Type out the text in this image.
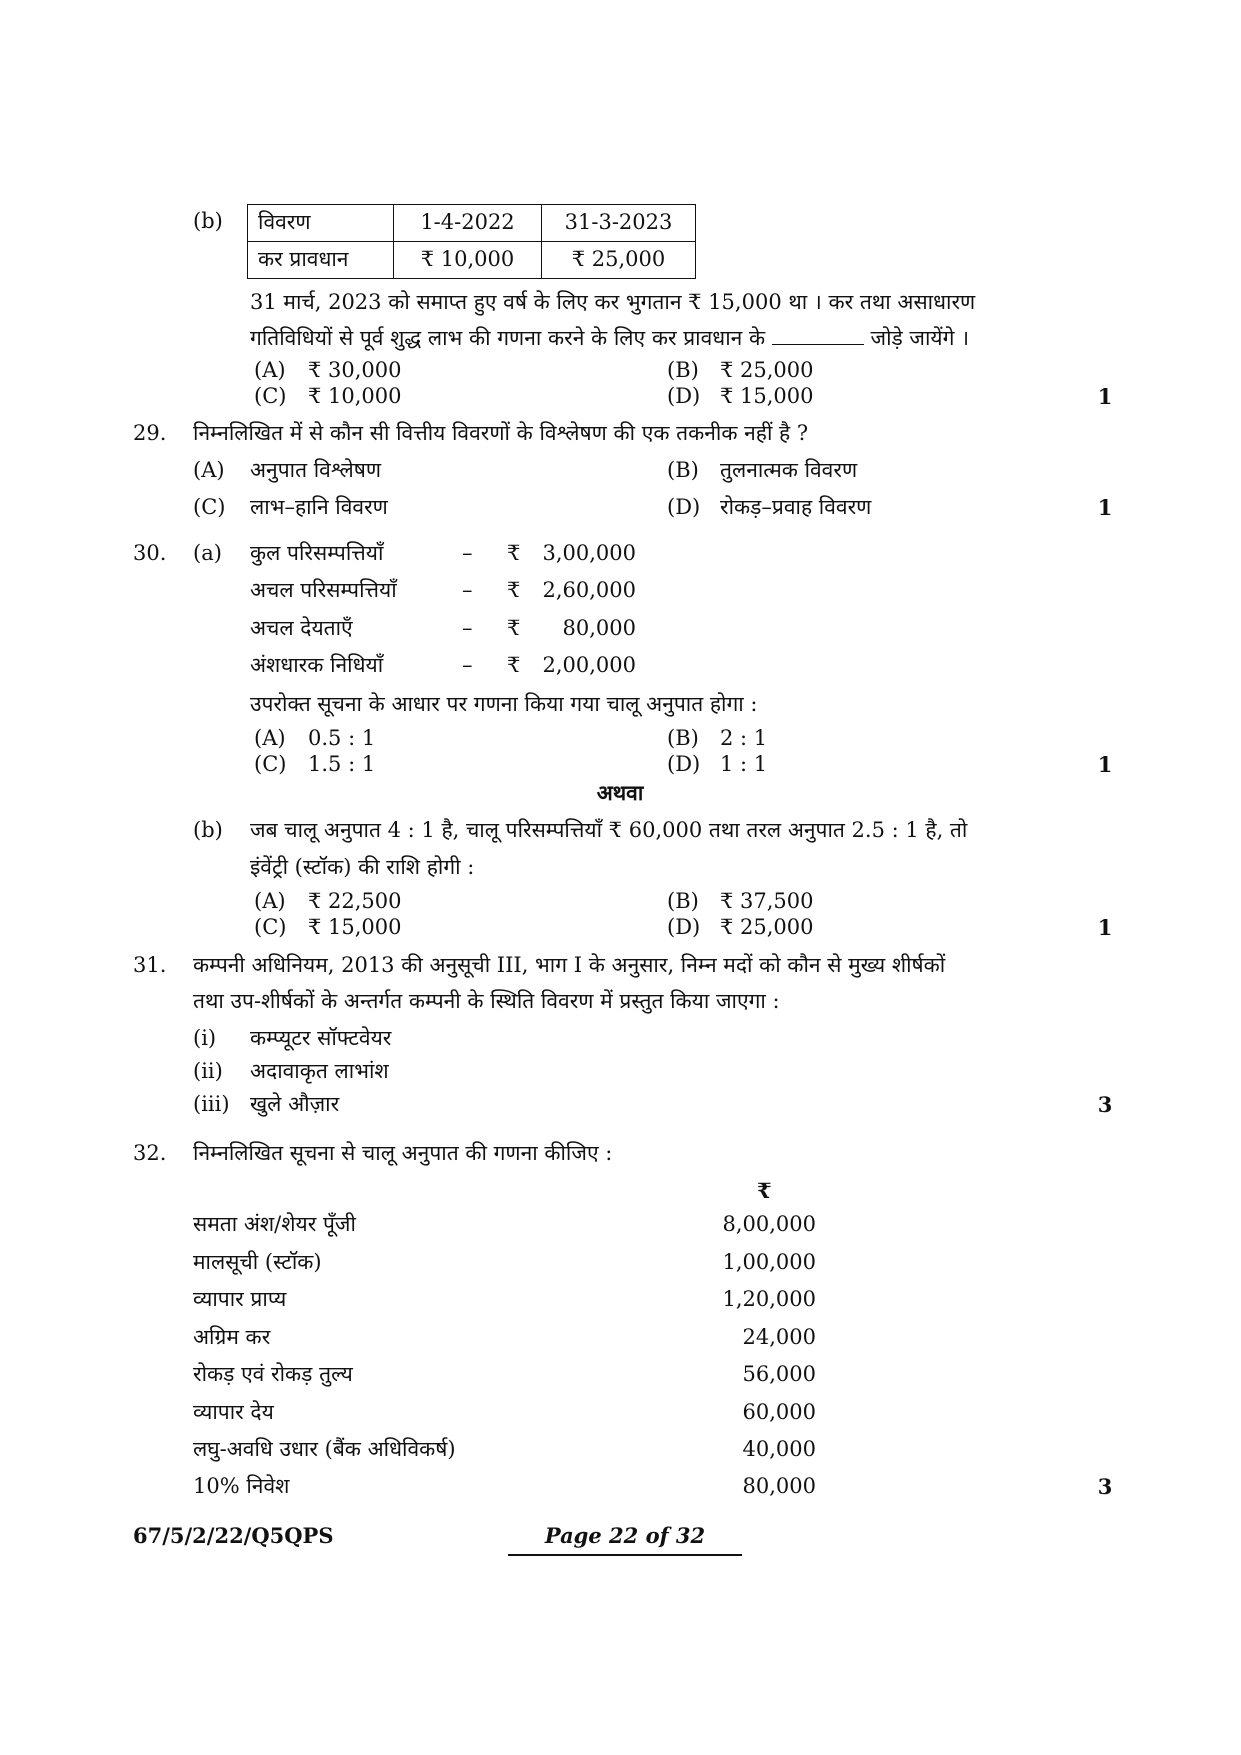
(b) विवरण	1-4-2022	31-3-2023
कर प्रावधान	₹ 10,000	₹ 25,000
31 मार्च, 2023 को समाप्त हुए वर्ष के लिए कर भुगतान ₹ 15,000 था । कर तथा असाधारण
गतिविधियों से पूर्व शुद्ध लाभ की गणना करने के लिए कर प्रावधान के	जोड़े जायेंगे ।
(A) ₹ 30,000	(B) ₹ 25,000
(C) ₹ 10,000	(D) ₹ 15,000	1
29. निम्नलिखित में से कौन सी वित्तीय विवरणों के विश्लेषण की एक तकनीक नहीं है ?
(A) अनुपात विश्लेषण	(B) तुलनात्मक विवरण
(C) लाभ–हानि विवरण	(D) रोकड़–प्रवाह विवरण	1
30. (a) कुल परिसम्पत्तियाँ	– ₹	3,00,000
अचल परिसम्पत्तियाँ	– ₹	2,60,000
अचल देयताएँ	– ₹	80,000
अंशधारक निधियाँ	– ₹	2,00,000
उपरोक्त सूचना के आधार पर गणना किया गया चालू अनुपात होगा :
(A) 0.5 : 1	(B) 2 : 1
(C) 1.5 : 1	(D) 1 : 1	1
अथवा
(b) जब चालू अनुपात 4 : 1 है, चालू परिसम्पत्तियाँ ₹ 60,000 तथा तरल अनुपात 2.5 : 1 है, तो
इंवेंट्री (स्टॉक) की राशि होगी :
(A) ₹ 22,500	(B) ₹ 37,500
(C) ₹ 15,000	(D) ₹ 25,000	1
31. कम्पनी अधिनियम, 2013 की अनुसूची III, भाग I के अनुसार, निम्न मदों को कौन से मुख्य शीर्षकों
तथा उप-शीर्षकों के अन्तर्गत कम्पनी के स्थिति विवरण में प्रस्तुत किया जाएगा :
(i) कम्प्यूटर सॉफ्टवेयर
(ii) अदावाकृत लाभांश
(iii) खुले औज़ार	3
32. निम्नलिखित सूचना से चालू अनुपात की गणना कीजिए :
₹
समता अंश/शेयर पूँजी	8,00,000
मालसूची (स्टॉक)	1,00,000
व्यापार प्राप्य	1,20,000
अग्रिम कर	24,000
रोकड़ एवं रोकड़ तुल्य	56,000
व्यापार देय	60,000
लघु-अवधि उधार (बैंक अधिविकर्ष)	40,000
10% निवेश	80,000	3
67/5/2/22/Q5QPS	Page 22 of 32
